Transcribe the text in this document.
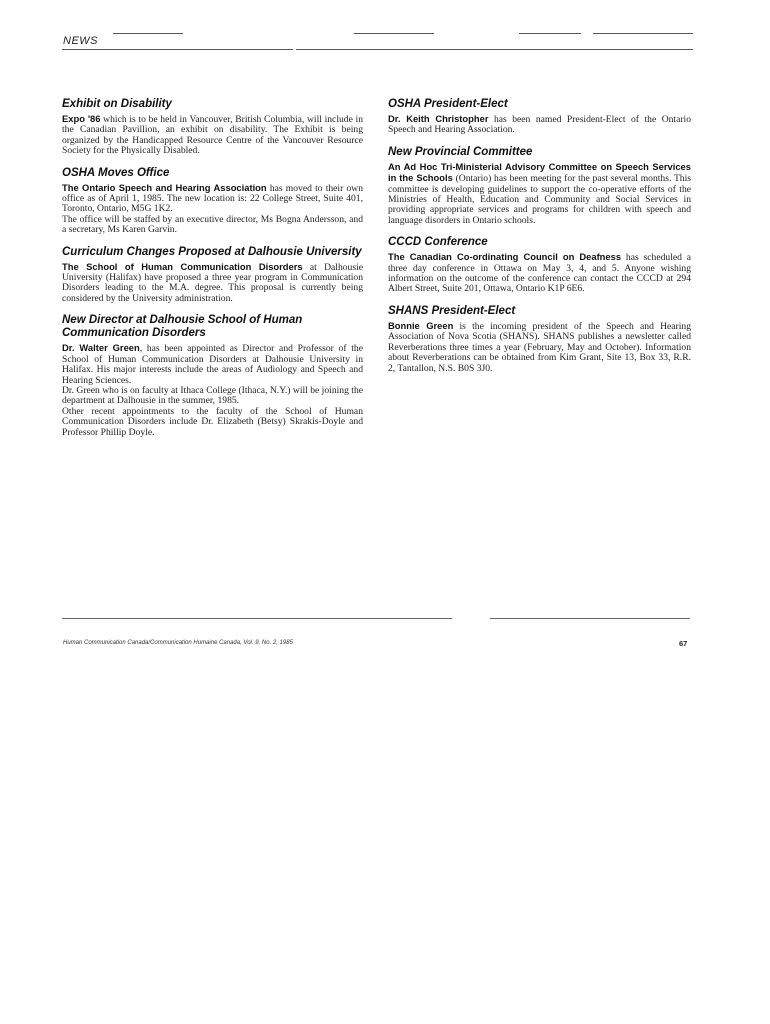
NEWS
Exhibit on Disability

Expo '86 which is to be held in Vancouver, British Columbia, will include in the Canadian Pavillion, an exhibit on disability. The Exhibit is being organized by the Handicapped Resource Centre of the Vancouver Resource Society for the Physically Disabled.

OSHA Moves Office

The Ontario Speech and Hearing Association has moved to their own office as of April 1, 1985. The new location is: 22 College Street, Suite 401, Toronto, Ontario, M5G 1K2.

The office will be staffed by an executive director, Ms Bogna Andersson, and a secretary, Ms Karen Garvin.

Curriculum Changes Proposed at Dalhousie University

The School of Human Communication Disorders at Dalhousie University (Halifax) have proposed a three year program in Communication Disorders leading to the M.A. degree. This proposal is currently being considered by the University administration.

New Director at Dalhousie School of Human Communication Disorders

Dr. Walter Green, has been appointed as Director and Professor of the School of Human Communication Disorders at Dalhousie University in Halifax. His major interests include the areas of Audiology and Speech and Hearing Sciences.

Dr. Green who is on faculty at Ithaca College (Ithaca, N.Y.) will be joining the department at Dalhousie in the summer, 1985.

Other recent appointments to the faculty of the School of Human Communication Disorders include Dr. Elizabeth (Betsy) Skrakis-Doyle and Professor Phillip Doyle.

OSHA President-Elect

Dr. Keith Christopher has been named President-Elect of the Ontario Speech and Hearing Association.

New Provincial Committee

An Ad Hoc Tri-Ministerial Advisory Committee on Speech Services in the Schools (Ontario) has been meeting for the past several months. This committee is developing guidelines to support the co-operative efforts of the Ministries of Health, Education and Community and Social Services in providing appropriate services and programs for children with speech and language disorders in Ontario schools.

CCCD Conference

The Canadian Co-ordinating Council on Deafness has scheduled a three day conference in Ottawa on May 3, 4, and 5. Anyone wishing information on the outcome of the conference can contact the CCCD at 294 Albert Street, Suite 201, Ottawa, Ontario K1P 6E6.

SHANS President-Elect

Bonnie Green is the incoming president of the Speech and Hearing Association of Nova Scotia (SHANS). SHANS publishes a newsletter called Reverberations three times a year (February, May and October). Information about Reverberations can be obtained from Kim Grant, Site 13, Box 33, R.R. 2, Tantallon, N.S. B0S 3J0.

Human Communication Canada/Communication Humaine Canada, Vol. 9, No. 2, 1985	67
